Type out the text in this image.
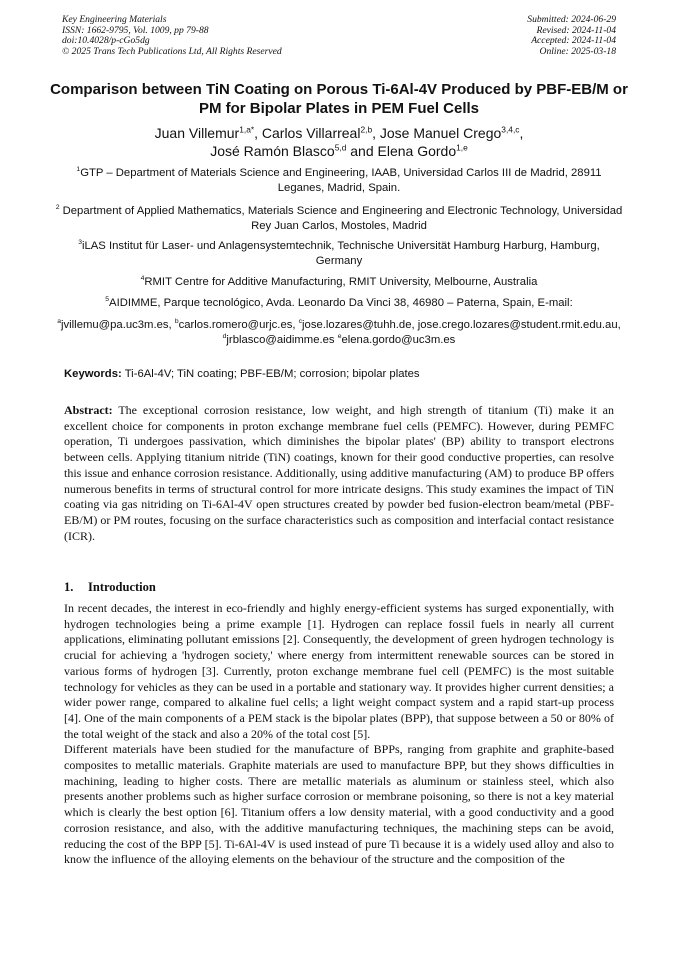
Key Engineering Materials
ISSN: 1662-9795, Vol. 1009, pp 79-88
doi:10.4028/p-cGo5dg
© 2025 Trans Tech Publications Ltd, All Rights Reserved
Submitted: 2024-06-29
Revised: 2024-11-04
Accepted: 2024-11-04
Online: 2025-03-18
Comparison between TiN Coating on Porous Ti-6Al-4V Produced by PBF-EB/M or PM for Bipolar Plates in PEM Fuel Cells
Juan Villemur$^{1,a*}$, Carlos Villarreal$^{2,b}$, Jose Manuel Crego$^{3,4,c}$,
José Ramón Blasco$^{5,d}$ and Elena Gordo$^{1,e}$
$^1$GTP – Department of Materials Science and Engineering, IAAB, Universidad Carlos III de Madrid, 28911 Leganes, Madrid, Spain.
$^2$ Department of Applied Mathematics, Materials Science and Engineering and Electronic Technology, Universidad Rey Juan Carlos, Mostoles, Madrid
$^3$iLAS Institut für Laser- und Anlagensystemtechnik, Technische Universität Hamburg Harburg, Hamburg, Germany
$^4$RMIT Centre for Additive Manufacturing, RMIT University, Melbourne, Australia
$^5$AIDIMME, Parque tecnológico, Avda. Leonardo Da Vinci 38, 46980 – Paterna, Spain, E-mail:
$^a$jvillemu@pa.uc3m.es, $^b$carlos.romero@urjc.es, $^c$jose.lozares@tuhh.de, jose.crego.lozares@student.rmit.edu.au, $^d$jrblasco@aidimme.es $^e$elena.gordo@uc3m.es
Keywords: Ti-6Al-4V; TiN coating; PBF-EB/M; corrosion; bipolar plates
Abstract: The exceptional corrosion resistance, low weight, and high strength of titanium (Ti) make it an excellent choice for components in proton exchange membrane fuel cells (PEMFC). However, during PEMFC operation, Ti undergoes passivation, which diminishes the bipolar plates' (BP) ability to transport electrons between cells. Applying titanium nitride (TiN) coatings, known for their good conductive properties, can resolve this issue and enhance corrosion resistance. Additionally, using additive manufacturing (AM) to produce BP offers numerous benefits in terms of structural control for more intricate designs. This study examines the impact of TiN coating via gas nitriding on Ti-6Al-4V open structures created by powder bed fusion-electron beam/metal (PBF-EB/M) or PM routes, focusing on the surface characteristics such as composition and interfacial contact resistance (ICR).
1. Introduction

In recent decades, the interest in eco-friendly and highly energy-efficient systems has surged exponentially, with hydrogen technologies being a prime example [1]. Hydrogen can replace fossil fuels in nearly all current applications, eliminating pollutant emissions [2]. Consequently, the development of green hydrogen technology is crucial for achieving a 'hydrogen society,' where energy from intermittent renewable sources can be stored in various forms of hydrogen [3]. Currently, proton exchange membrane fuel cell (PEMFC) is the most suitable technology for vehicles as they can be used in a portable and stationary way. It provides higher current densities; a wider power range, compared to alkaline fuel cells; a light weight compact system and a rapid start-up process [4]. One of the main components of a PEM stack is the bipolar plates (BPP), that suppose between a 50 or 80% of the total weight of the stack and also a 20% of the total cost [5].

Different materials have been studied for the manufacture of BPPs, ranging from graphite and graphite-based composites to metallic materials. Graphite materials are used to manufacture BPP, but they shows difficulties in machining, leading to higher costs. There are metallic materials as aluminum or stainless steel, which also presents another problems such as higher surface corrosion or membrane poisoning, so there is not a key material which is clearly the best option [6]. Titanium offers a low density material, with a good conductivity and a good corrosion resistance, and also, with the additive manufacturing techniques, the machining steps can be avoid, reducing the cost of the BPP [5]. Ti-6Al-4V is used instead of pure Ti because it is a widely used alloy and also to know the influence of the alloying elements on the behaviour of the structure and the composition of the
